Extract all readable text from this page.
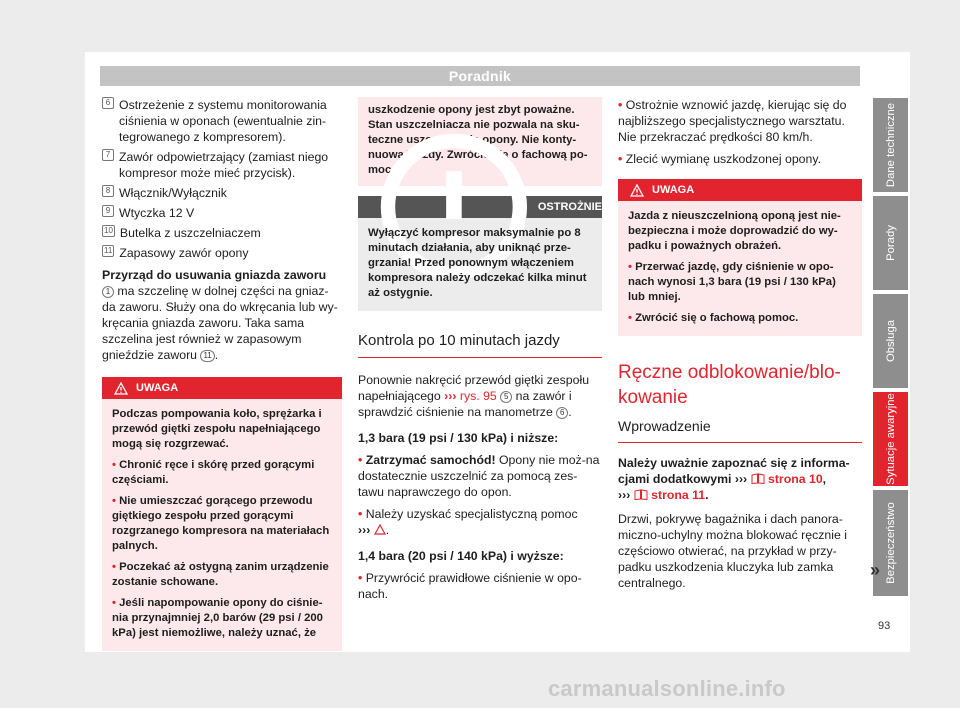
Poradnik
6 Ostrzeżenie z systemu monitorowania ciśnienia w oponach (ewentualnie zin-tegrowanego z kompresorem).
7 Zawór odpowietrzający (zamiast niego kompresor może mieć przycisk).
8 Włącznik/Wyłącznik
9 Wtyczka 12 V
10 Butelka z uszczelniaczem
11 Zapasowy zawór opony

Przyrząd do usuwania gniazda zaworu
1 ma szczelinę w dolnej części na gniaz-da zaworu. Służy ona do wkręcania lub wy-kręcania gniazda zaworu. Taka sama szczelina jest również w zapasowym gnieździe zaworu 11 .

UWAGA

Podczas pompowania koło, sprężarka i przewód giętki zespołu napełniającego mogą się rozgrzewać.

• Chronić ręce i skórę przed gorącymi częściami.

• Nie umieszczać gorącego przewodu giętkiego zespołu przed gorącymi rozgrzanego kompresora na materiałach palnych.

• Poczekać aż ostygną zanim urządzenie zostanie schowane.

• Jeśli napompowanie opony do ciśnie-nia przynajmniej 2,0 barów (29 psi / 200 kPa) jest niemożliwe, należy uznać, że

uszkodzenie opony jest zbyt poważne. Stan uszczelniacza nie pozwala na sku-teczne uszczelnienie opony. Nie konty-nuować jazdy. Zwrócić się o fachową po-moc.
OSTROŻNIE
Wyłączyć kompresor maksymalnie po 8 minutach działania, aby uniknąć prze-grzania! Przed ponownym włączeniem kompresora należy odczekać kilka minut aż ostygnie.
Kontrola po 10 minutach jazdy

Ponownie nakręcić przewód giętki zespołu napełniającego ››› rys. 95 5 na zawór i sprawdzić ciśnienie na manometrze 6 .

1,3 bara (19 psi / 130 kPa) i niższe:

• Zatrzymać samochód! Opony nie moż-na dostatecznie uszczelnić za pomocą zes-tawu naprawczego do opon.

• Należy uzyskać specjalistyczną pomoc
››› .

1,4 bara (20 psi / 140 kPa) i wyższe:

• Przywrócić prawidłowe ciśnienie w opo-nach.

• Ostrożnie wznowić jazdę, kierując się do najbliższego specjalistycznego warsztatu. Nie przekraczać prędkości 80 km/h.

• Zlecić wymianę uszkodzonej opony.

UWAGA

Jazda z nieuszczelnioną oponą jest nie-bezpieczna i może doprowadzić do wy-padku i poważnych obrażeń.

• Przerwać jazdę, gdy ciśnienie w opo-nach wynosi 1,3 bara (19 psi / 130 kPa) lub mniej.

• Zwrócić się o fachową pomoc.

Ręczne odblokowanie/blo-kowanie
Wprowadzenie

Należy uważnie zapoznać się z informa-cjami dodatkowymi ›››  strona 10,
›››  strona 11.

Drzwi, pokrywę bagażnika i dach panora-miczno-uchylny można blokować ręcznie i częściowo otwierać, na przykład w przy-padku uszkodzenia kluczyka lub zamka centralnego.

Dane techniczne
Porady
Obsługa
Sytuacje awaryjne
Bezpieczeństwo
»
93
carmanualsonline.info
